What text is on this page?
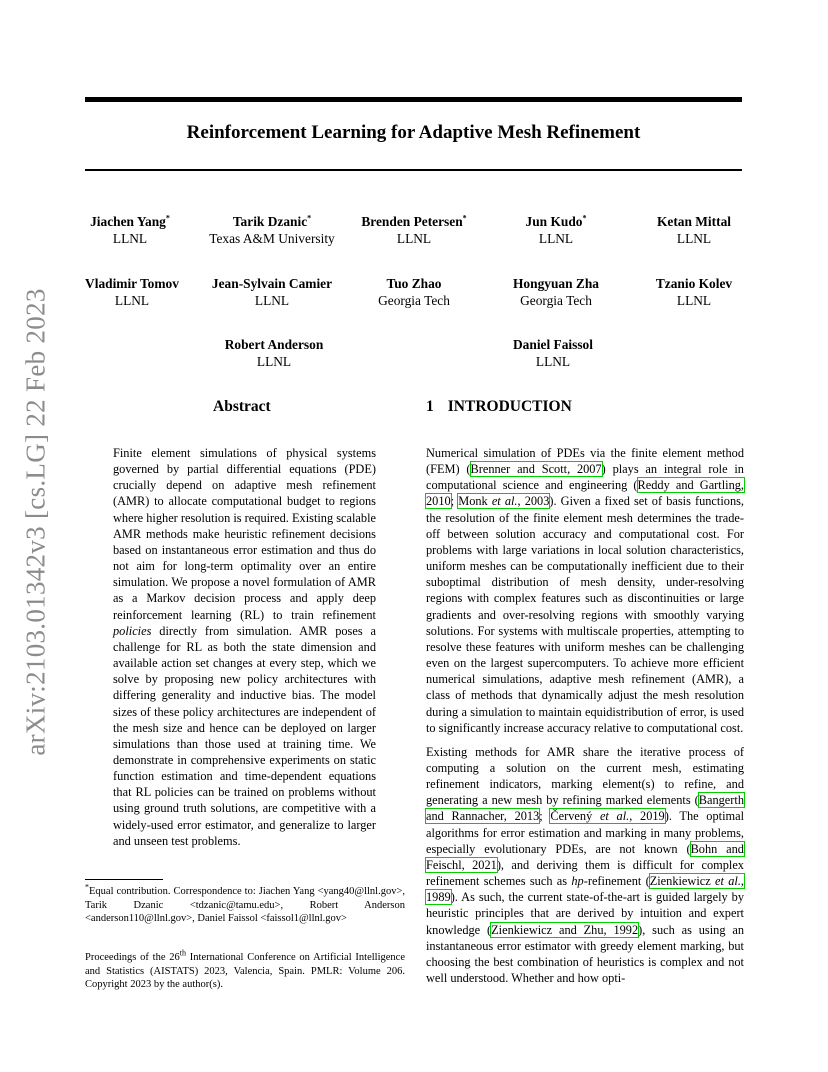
arXiv:2103.01342v3 [cs.LG] 22 Feb 2023
Reinforcement Learning for Adaptive Mesh Refinement
Jiachen Yang*
LLNL
Tarik Dzanic*
Texas A&M University
Brenden Petersen*
LLNL
Jun Kudo*
LLNL
Ketan Mittal
LLNL
Vladimir Tomov
LLNL
Jean-Sylvain Camier
LLNL
Tuo Zhao
Georgia Tech
Hongyuan Zha
Georgia Tech
Tzanio Kolev
LLNL
Robert Anderson
LLNL
Daniel Faissol
LLNL
Abstract
Finite element simulations of physical systems governed by partial differential equations (PDE) crucially depend on adaptive mesh refinement (AMR) to allocate computational budget to regions where higher resolution is required. Existing scalable AMR methods make heuristic refinement decisions based on instantaneous error estimation and thus do not aim for long-term optimality over an entire simulation. We propose a novel formulation of AMR as a Markov decision process and apply deep reinforcement learning (RL) to train refinement policies directly from simulation. AMR poses a challenge for RL as both the state dimension and available action set changes at every step, which we solve by proposing new policy architectures with differing generality and inductive bias. The model sizes of these policy architectures are independent of the mesh size and hence can be deployed on larger simulations than those used at training time. We demonstrate in comprehensive experiments on static function estimation and time-dependent equations that RL policies can be trained on problems without using ground truth solutions, are competitive with a widely-used error estimator, and generalize to larger and unseen test problems.
1 INTRODUCTION

Numerical simulation of PDEs via the finite element method (FEM) (Brenner and Scott, 2007) plays an integral role in computational science and engineering (Reddy and Gartling, 2010; Monk et al., 2003). Given a fixed set of basis functions, the resolution of the finite element mesh determines the trade-off between solution accuracy and computational cost. For problems with large variations in local solution characteristics, uniform meshes can be computationally inefficient due to their suboptimal distribution of mesh density, under-resolving regions with complex features such as discontinuities or large gradients and over-resolving regions with smoothly varying solutions. For systems with multiscale properties, attempting to resolve these features with uniform meshes can be challenging even on the largest supercomputers. To achieve more efficient numerical simulations, adaptive mesh refinement (AMR), a class of methods that dynamically adjust the mesh resolution during a simulation to maintain equidistribution of error, is used to significantly increase accuracy relative to computational cost.

Existing methods for AMR share the iterative process of computing a solution on the current mesh, estimating refinement indicators, marking element(s) to refine, and generating a new mesh by refining marked elements (Bangerth and Rannacher, 2013; Červený et al., 2019). The optimal algorithms for error estimation and marking in many problems, especially evolutionary PDEs, are not known (Bohn and Feischl, 2021), and deriving them is difficult for complex refinement schemes such as hp-refinement (Zienkiewicz et al., 1989). As such, the current state-of-the-art is guided largely by heuristic principles that are derived by intuition and expert knowledge (Zienkiewicz and Zhu, 1992), such as using an instantaneous error estimator with greedy element marking, but choosing the best combination of heuristics is complex and not well understood. Whether and how opti-

*Equal contribution. Correspondence to: Jiachen Yang <yang40@llnl.gov>, Tarik Dzanic <tdzanic@tamu.edu>, Robert Anderson <anderson110@llnl.gov>, Daniel Faissol <faissol1@llnl.gov>
Proceedings of the 26th International Conference on Artificial Intelligence and Statistics (AISTATS) 2023, Valencia, Spain. PMLR: Volume 206. Copyright 2023 by the author(s).
